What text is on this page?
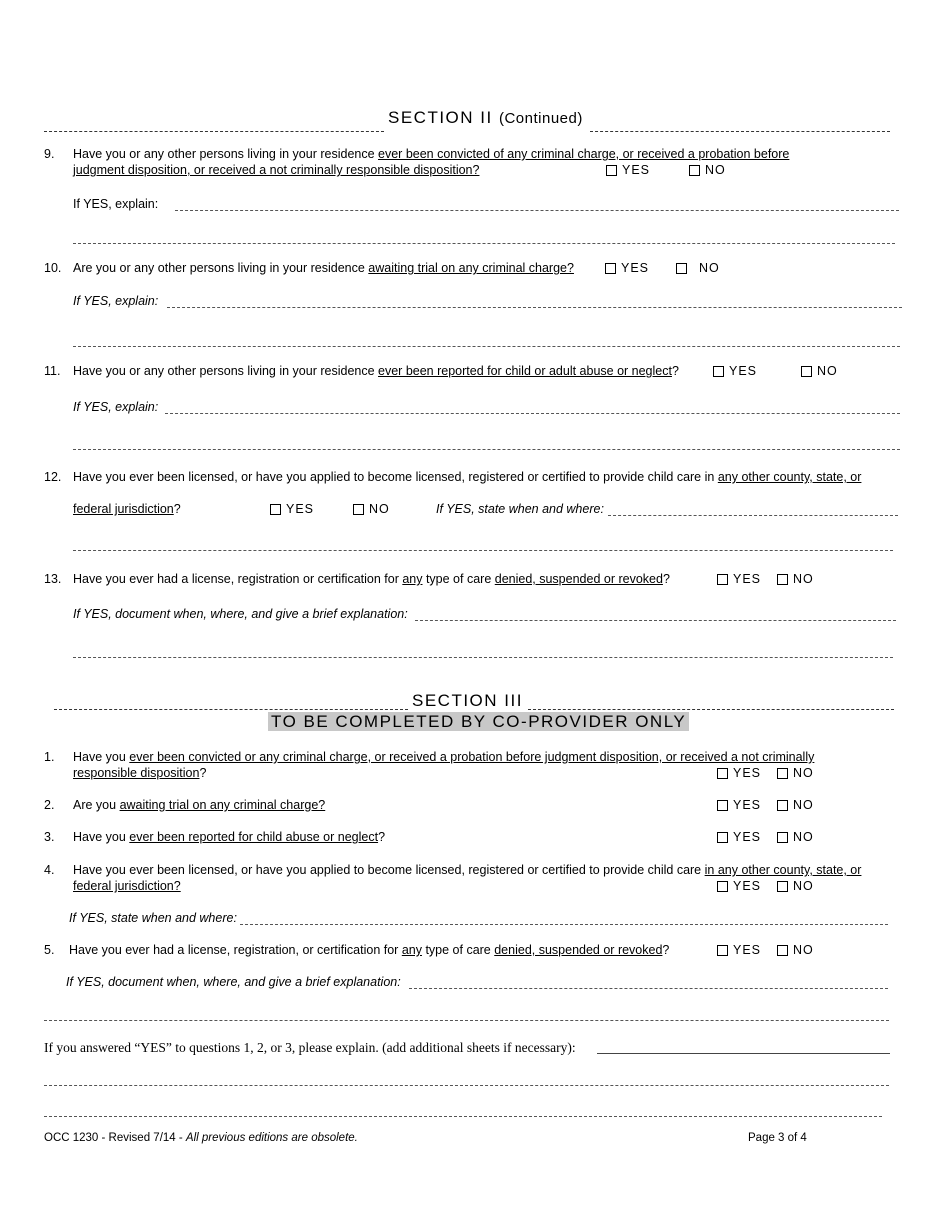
SECTION II (Continued)
9. Have you or any other persons living in your residence ever been convicted of any criminal charge, or received a probation before
judgment disposition, or received a not criminally responsible disposition?	YES	NO
If YES, explain:
10. Are you or any other persons living in your residence awaiting trial on any criminal charge?	YES	NO
If YES, explain:
11. Have you or any other persons living in your residence ever been reported for child or adult abuse or neglect?	YES	NO
If YES, explain:
12. Have you ever been licensed, or have you applied to become licensed, registered or certified to provide child care in any other county, state, or
federal jurisdiction?	YES	NO	If YES, state when and where:
13. Have you ever had a license, registration or certification for any type of care denied, suspended or revoked?	YES	NO
If YES, document when, where, and give a brief explanation:
SECTION III
TO BE COMPLETED BY CO-PROVIDER ONLY
1. Have you ever been convicted or any criminal charge, or received a probation before judgment disposition, or received a not criminally
responsible disposition?	YES	NO
2. Are you awaiting trial on any criminal charge?	YES	NO
3. Have you ever been reported for child abuse or neglect?	YES	NO
4. Have you ever been licensed, or have you applied to become licensed, registered or certified to provide child care in any other county, state, or
federal jurisdiction?	YES	NO
If YES, state when and where:
5. Have you ever had a license, registration, or certification for any type of care denied, suspended or revoked?	YES	NO
If YES, document when, where, and give a brief explanation:
If you answered “YES” to questions 1, 2, or 3, please explain. (add additional sheets if necessary):
OCC 1230 - Revised 7/14 - All previous editions are obsolete.	Page 3 of 4
